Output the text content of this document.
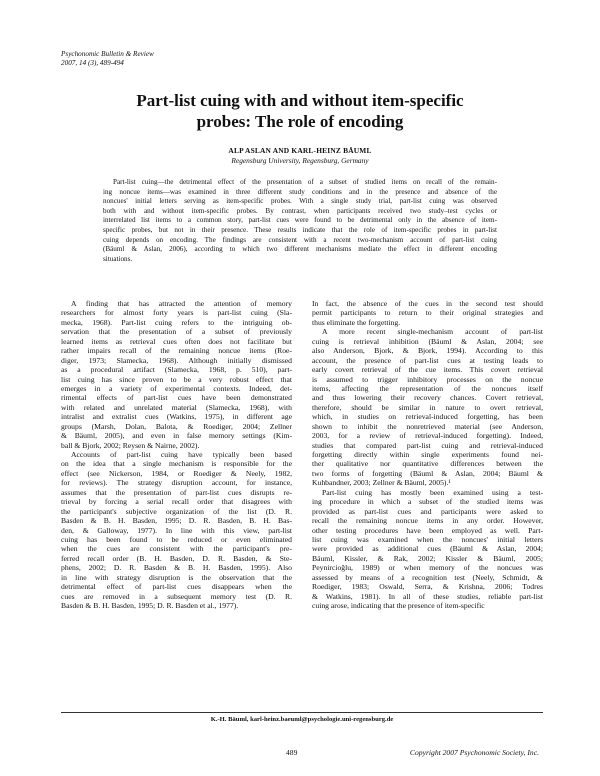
Psychonomic Bulletin & Review
2007, 14 (3), 489-494
Part-list cuing with and without item-specific
probes: The role of encoding
ALP ASLAN AND KARL-HEINZ BÄUML
Regensburg University, Regensburg, Germany
Part-list cuing—the detrimental effect of the presentation of a subset of studied items on recall of the remain-
ing noncue items—was examined in three different study conditions and in the presence and absence of the
noncues' initial letters serving as item-specific probes. With a single study trial, part-list cuing was observed
both with and without item-specific probes. By contrast, when participants received two study–test cycles or
interrelated list items to a common story, part-list cues were found to be detrimental only in the absence of item-
specific probes, but not in their presence. These results indicate that the role of item-specific probes in part-list
cuing depends on encoding. The findings are consistent with a recent two-mechanism account of part-list cuing
(Bäuml & Aslan, 2006), according to which two different mechanisms mediate the effect in different encoding
situations.
A finding that has attracted the attention of memory
researchers for almost forty years is part-list cuing (Sla-
mecka, 1968). Part-list cuing refers to the intriguing ob-
servation that the presentation of a subset of previously
learned items as retrieval cues often does not facilitate but
rather impairs recall of the remaining noncue items (Roe-
diger, 1973; Slamecka, 1968). Although initially dismissed
as a procedural artifact (Slamecka, 1968, p. 510), part-
list cuing has since proven to be a very robust effect that
emerges in a variety of experimental contexts. Indeed, det-
rimental effects of part-list cues have been demonstrated
with related and unrelated material (Slamecka, 1968), with
intralist and extralist cues (Watkins, 1975), in different age
groups (Marsh, Dolan, Balota, & Roediger, 2004; Zellner
& Bäuml, 2005), and even in false memory settings (Kim-
ball & Bjork, 2002; Reysen & Nairne, 2002).
Accounts of part-list cuing have typically been based
on the idea that a single mechanism is responsible for the
effect (see Nickerson, 1984, or Roediger & Neely, 1982,
for reviews). The strategy disruption account, for instance,
assumes that the presentation of part-list cues disrupts re-
trieval by forcing a serial recall order that disagrees with
the participant's subjective organization of the list (D. R.
Basden & B. H. Basden, 1995; D. R. Basden, B. H. Bas-
den, & Galloway, 1977). In line with this view, part-list
cuing has been found to be reduced or even eliminated
when the cues are consistent with the participant's pre-
ferred recall order (B. H. Basden, D. R. Basden, & Ste-
phens, 2002; D. R. Basden & B. H. Basden, 1995). Also
in line with strategy disruption is the observation that the
detrimental effect of part-list cues disappears when the
cues are removed in a subsequent memory test (D. R.
Basden & B. H. Basden, 1995; D. R. Basden et al., 1977).
In fact, the absence of the cues in the second test should
permit participants to return to their original strategies and
thus eliminate the forgetting.
A more recent single-mechanism account of part-list
cuing is retrieval inhibition (Bäuml & Aslan, 2004; see
also Anderson, Bjork, & Bjork, 1994). According to this
account, the presence of part-list cues at testing leads to
early covert retrieval of the cue items. This covert retrieval
is assumed to trigger inhibitory processes on the noncue
items, affecting the representation of the noncues itself
and thus lowering their recovery chances. Covert retrieval,
therefore, should be similar in nature to overt retrieval,
which, in studies on retrieval-induced forgetting, has been
shown to inhibit the nonretrieved material (see Anderson,
2003, for a review of retrieval-induced forgetting). Indeed,
studies that compared part-list cuing and retrieval-induced
forgetting directly within single experiments found nei-
ther qualitative nor quantitative differences between the
two forms of forgetting (Bäuml & Aslan, 2004; Bäuml &
Kuhbandner, 2003; Zellner & Bäuml, 2005).¹
Part-list cuing has mostly been examined using a test-
ing procedure in which a subset of the studied items was
provided as part-list cues and participants were asked to
recall the remaining noncue items in any order. However,
other testing procedures have been employed as well. Part-
list cuing was examined when the noncues' initial letters
were provided as additional cues (Bäuml & Aslan, 2004;
Bäuml, Kissler, & Rak, 2002; Kissler & Bäuml, 2005;
Peynircioğlu, 1989) or when memory of the noncues was
assessed by means of a recognition test (Neely, Schmidt, &
Roediger, 1983; Oswald, Serra, & Krishna, 2006; Todres
& Watkins, 1981). In all of these studies, reliable part-list
cuing arose, indicating that the presence of item-specific
K.-H. Bäuml, karl-heinz.baeuml@psychologie.uni-regensburg.de
489	Copyright 2007 Psychonomic Society, Inc.
